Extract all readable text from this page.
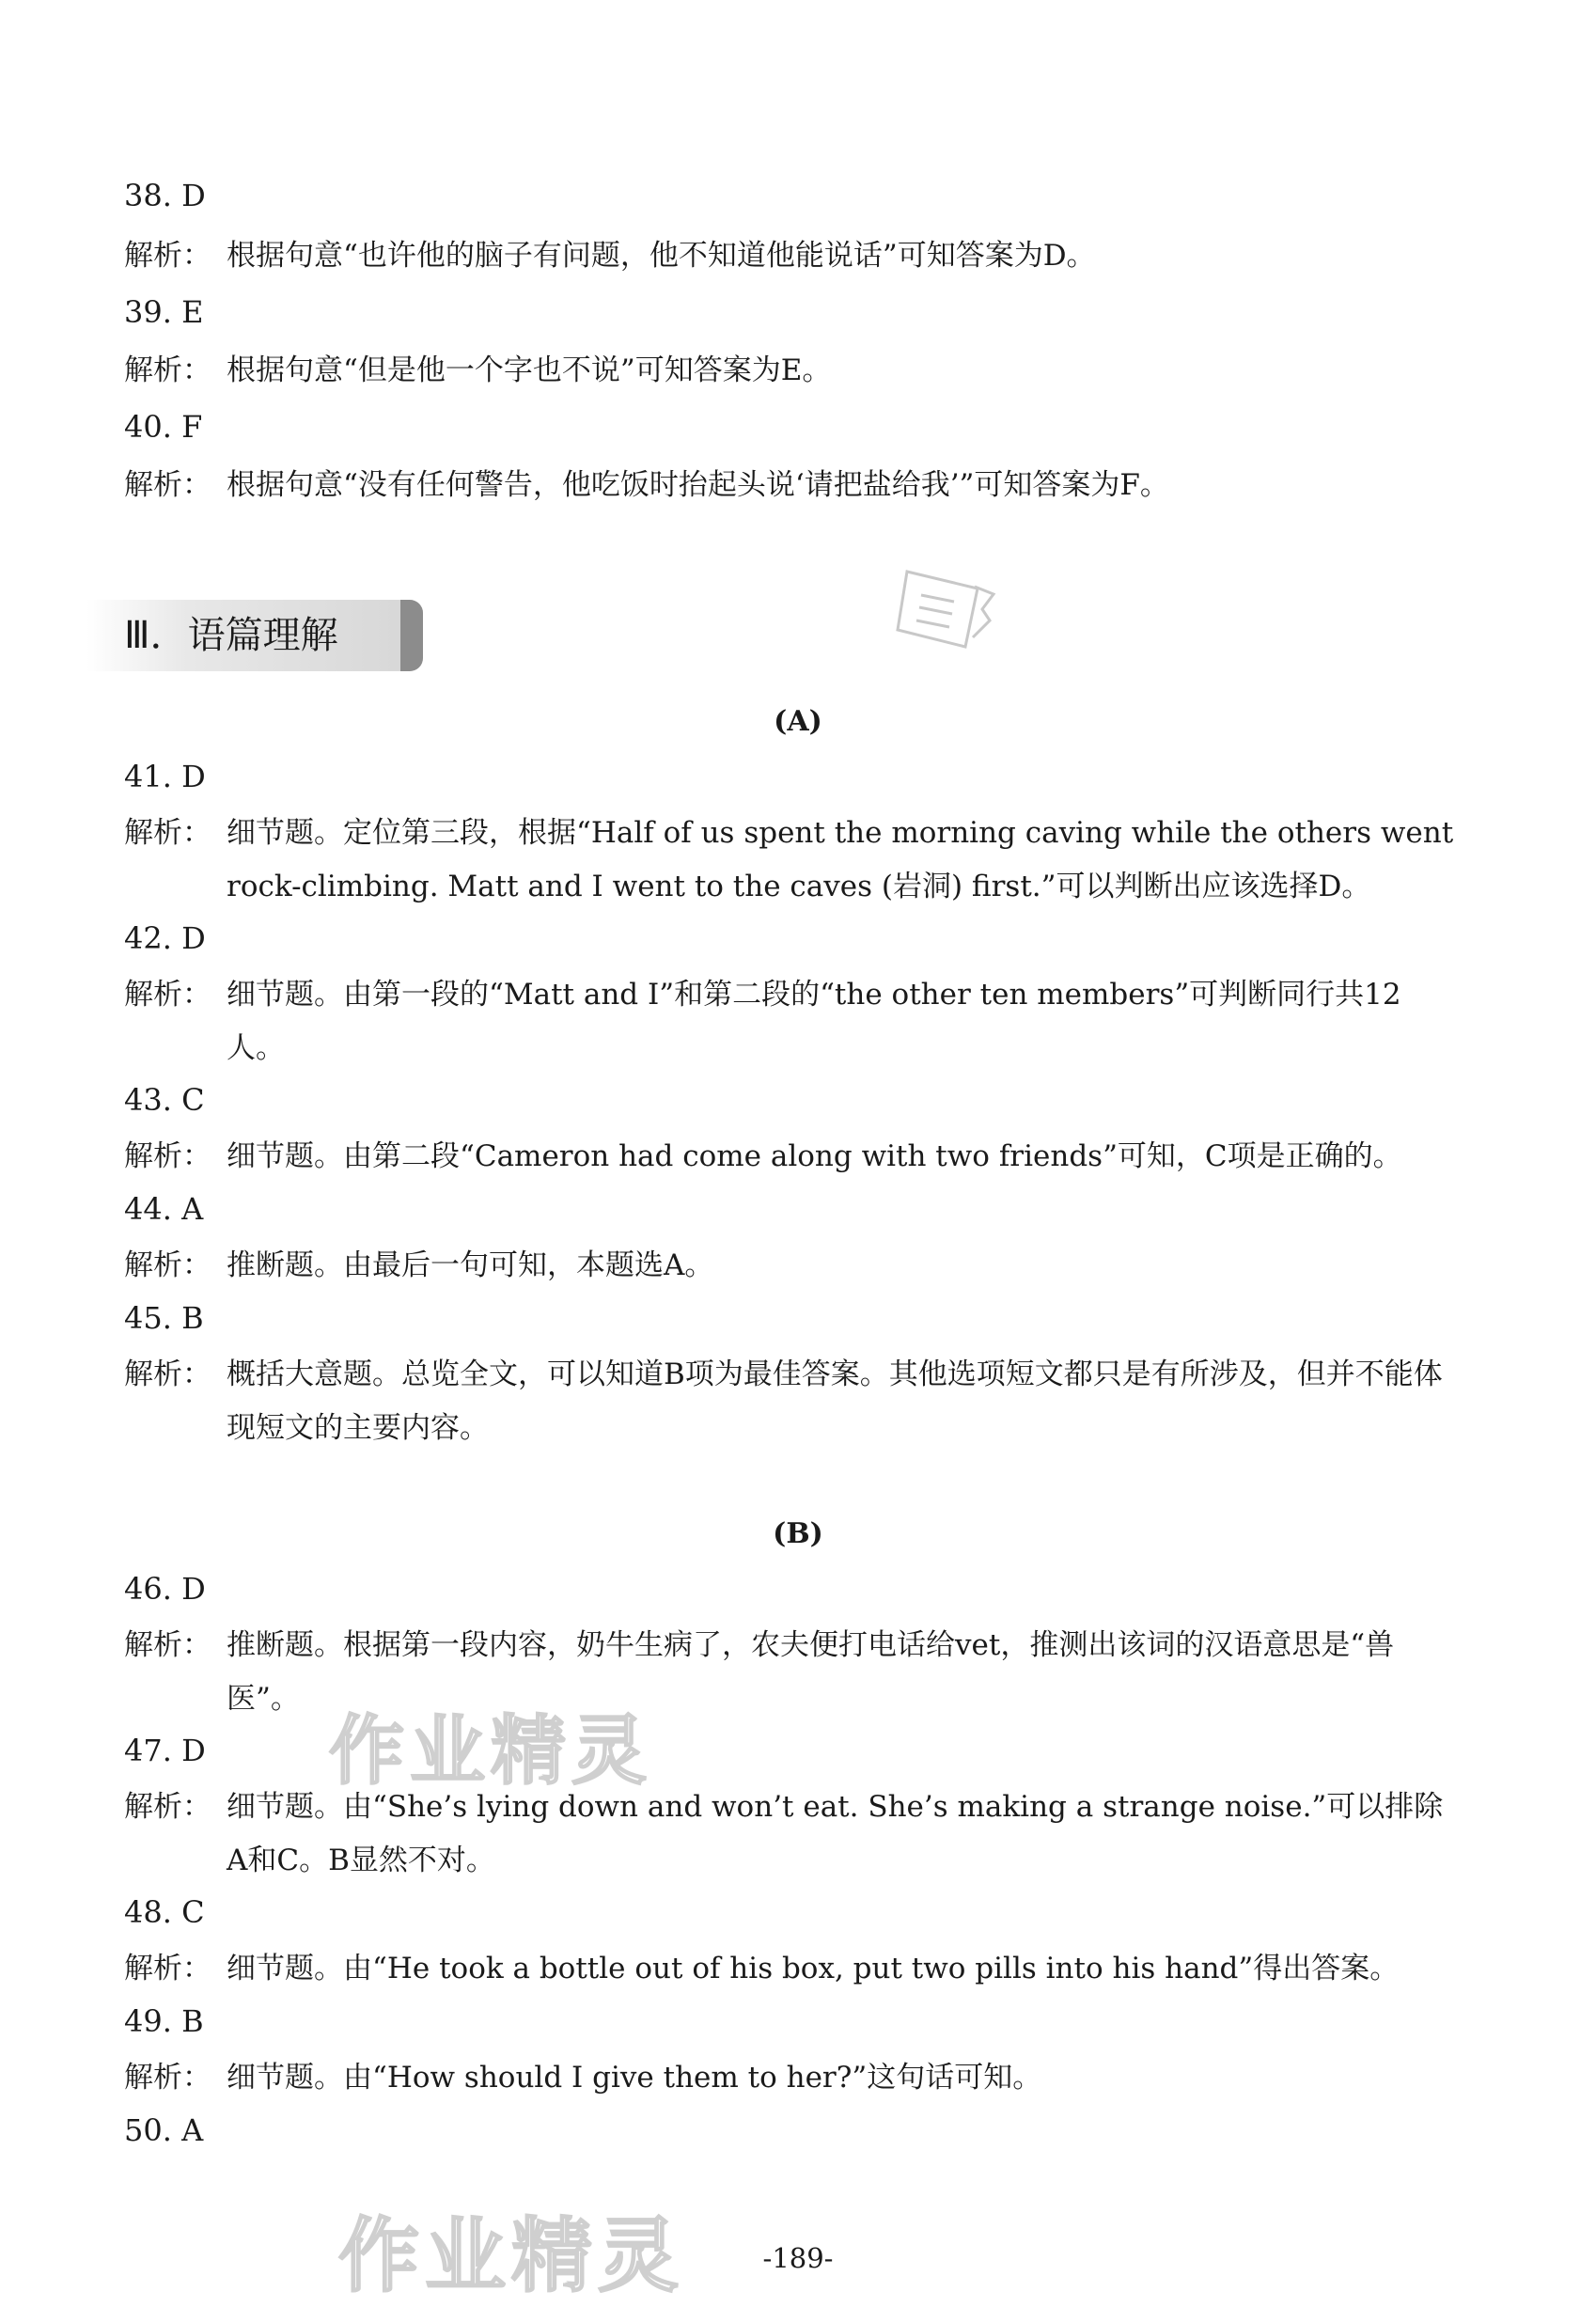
38. D
解析： 根据句意“也许他的脑子有问题，他不知道他能说话”可知答案为D。
39. E
解析： 根据句意“但是他一个字也不说”可知答案为E。
40. F
解析： 根据句意“没有任何警告，他吃饭时抬起头说‘请把盐给我’”可知答案为F。
Ⅲ．语篇理解
(A)
41. D
解析： 细节题。定位第三段，根据“Half of us spent the morning caving while the others went rock-climbing. Matt and I went to the caves (岩洞) first.”可以判断出应该选择D。
42. D
解析： 细节题。由第一段的“Matt and I”和第二段的“the other ten members”可判断同行共12人。
43. C
解析： 细节题。由第二段“Cameron had come along with two friends”可知，C项是正确的。
44. A
解析： 推断题。由最后一句可知，本题选A。
45. B
解析： 概括大意题。总览全文，可以知道B项为最佳答案。其他选项短文都只是有所涉及，但并不能体现短文的主要内容。
(B)
46. D
解析： 推断题。根据第一段内容，奶牛生病了，农夫便打电话给vet，推测出该词的汉语意思是“兽医”。
47. D
解析： 细节题。由“She’s lying down and won’t eat. She’s making a strange noise.”可以排除A和C。B显然不对。
48. C
解析： 细节题。由“He took a bottle out of his box, put two pills into his hand”得出答案。
49. B
解析： 细节题。由“How should I give them to her?”这句话可知。
50. A
作业精灵
作业精灵	-189-
